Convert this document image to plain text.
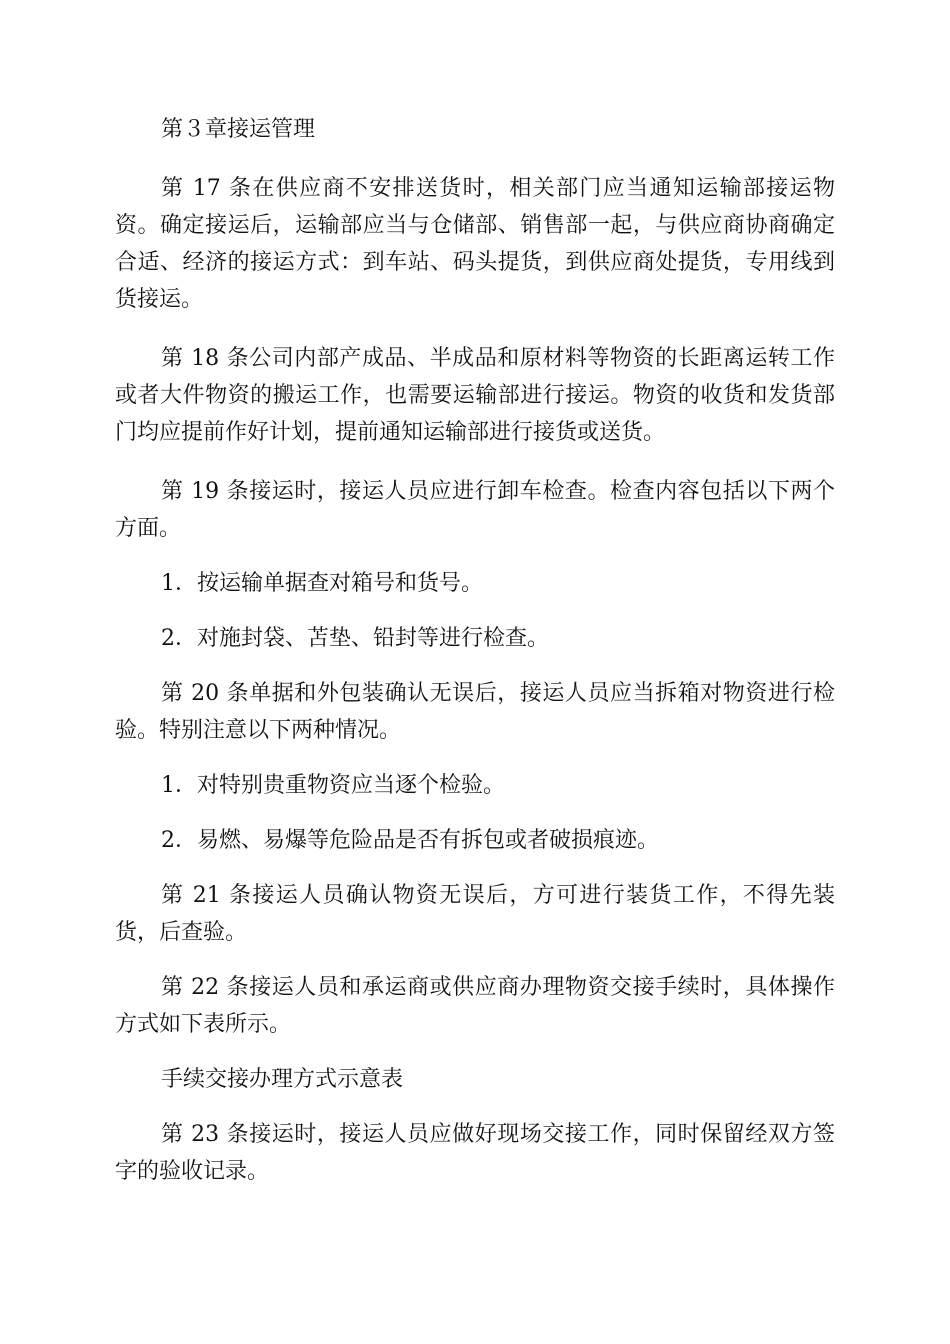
第３章接运管理

第 17 条在供应商不安排送货时，相关部门应当通知运输部接运物资。确定接运后，运输部应当与仓储部、销售部一起，与供应商协商确定合适、经济的接运方式：到车站、码头提货，到供应商处提货，专用线到货接运。

第 18 条公司内部产成品、半成品和原材料等物资的长距离运转工作或者大件物资的搬运工作，也需要运输部进行接运。物资的收货和发货部门均应提前作好计划，提前通知运输部进行接货或送货。

第 19 条接运时，接运人员应进行卸车检查。检查内容包括以下两个方面。

1．按运输单据查对箱号和货号。

2．对施封袋、苫垫、铅封等进行检查。

第 20 条单据和外包装确认无误后，接运人员应当拆箱对物资进行检验。特别注意以下两种情况。

1．对特别贵重物资应当逐个检验。

2．易燃、易爆等危险品是否有拆包或者破损痕迹。

第 21 条接运人员确认物资无误后，方可进行装货工作，不得先装货，后查验。

第 22 条接运人员和承运商或供应商办理物资交接手续时，具体操作方式如下表所示。

手续交接办理方式示意表

第 23 条接运时，接运人员应做好现场交接工作，同时保留经双方签字的验收记录。
